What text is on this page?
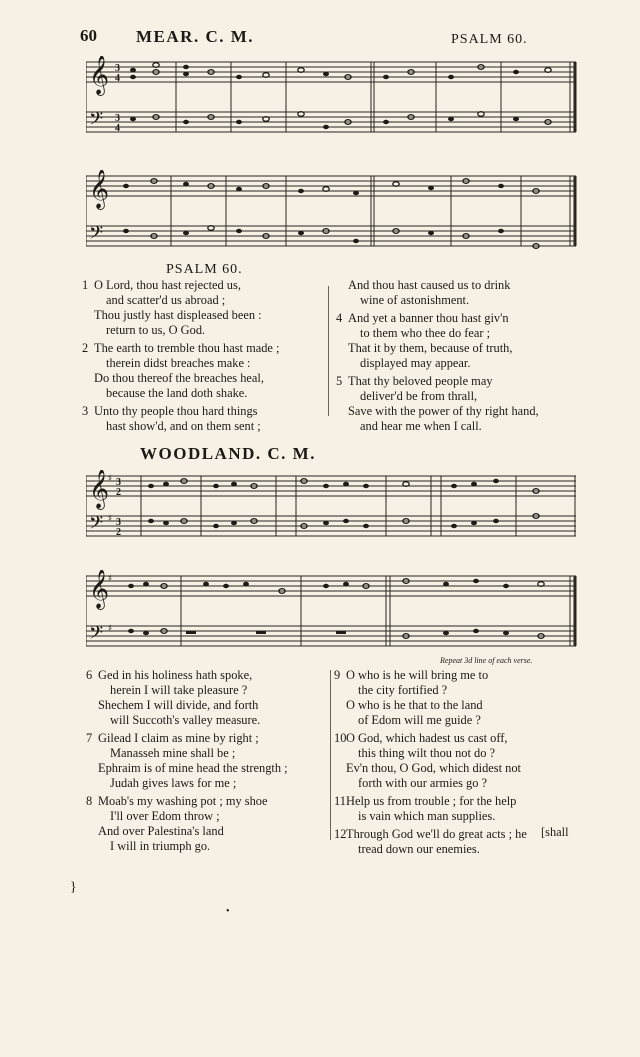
60 MEAR. C. M.	PSALM 60.
𝄞
𝄢
3
4
3
4
𝄞
𝄢
PSALM 60.
1 O Lord, thou hast rejected us,
and scatter'd us abroad ;
Thou justly hast displeased been :
return to us, O God.
2 The earth to tremble thou hast made ;
therein didst breaches make :
Do thou thereof the breaches heal,
because the land doth shake.
3 Unto thy people thou hard things
hast show'd, and on them sent ;
And thou hast caused us to drink
wine of astonishment.
4 And yet a banner thou hast giv'n
to them who thee do fear ;
That it by them, because of truth,
displayed may appear.
5 That thy beloved people may
deliver'd be from thrall,
Save with the power of thy right hand,
and hear me when I call.
WOODLAND. C. M.
𝄞
𝄢
♯
♯
3
2
3
2
𝄞
𝄢
♯
♯
Repeat 3d line of each verse.
6 Ged in his holiness hath spoke,
herein I will take pleasure ?
Shechem I will divide, and forth
will Succoth's valley measure.
7 Gilead I claim as mine by right ;
Manasseh mine shall be ;
Ephraim is of mine head the strength ;
Judah gives laws for me ;
8 Moab's my washing pot ; my shoe
I'll over Edom throw ;
And over Palestina's land
I will in triumph go.
9 O who is he will bring me to
the city fortified ?
O who is he that to the land
of Edom will me guide ?
10O God, which hadest us cast off,
this thing wilt thou not do ?
Ev'n thou, O God, which didest not
forth with our armies go ?
11Help us from trouble ; for the help
is vain which man supplies.
12Through God we'll do great acts ; he
tread down our enemies.
[shall
}
•
